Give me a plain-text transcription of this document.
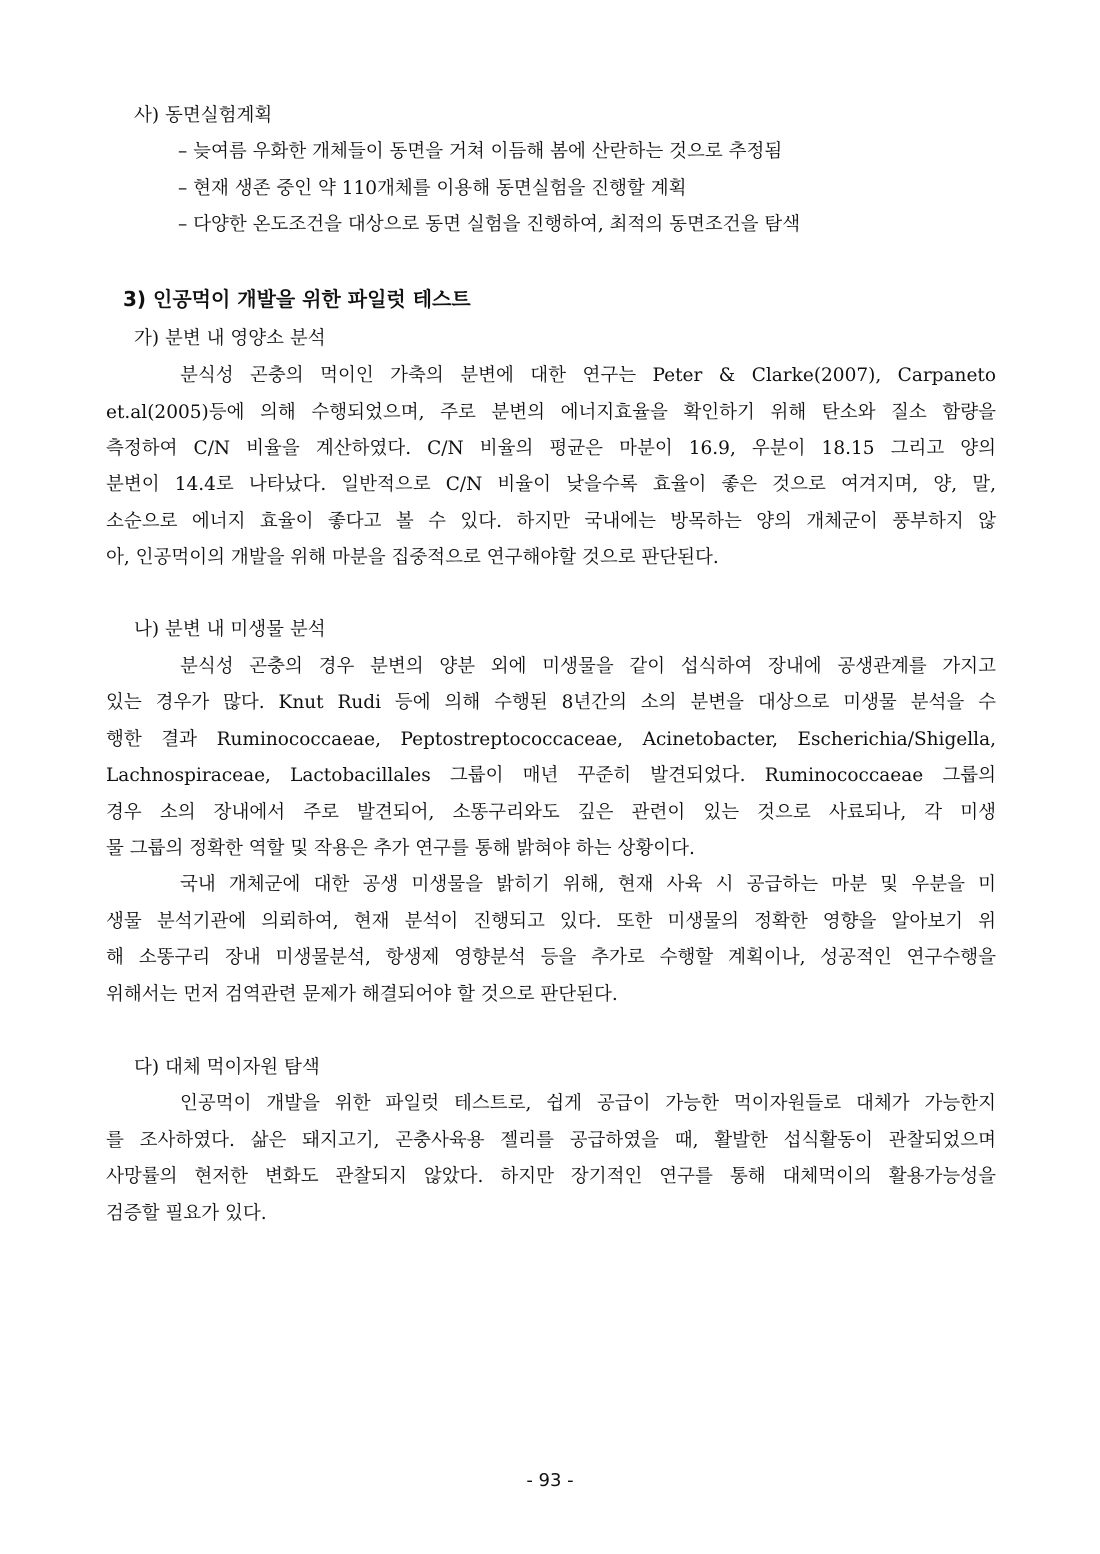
사) 동면실험계획
– 늦여름 우화한 개체들이 동면을 거쳐 이듬해 봄에 산란하는 것으로 추정됨
– 현재 생존 중인 약 110개체를 이용해 동면실험을 진행할 계획
– 다양한 온도조건을 대상으로 동면 실험을 진행하여, 최적의 동면조건을 탐색
3) 인공먹이 개발을 위한 파일럿 테스트
가) 분변 내 영양소 분석
분식성 곤충의 먹이인 가축의 분변에 대한 연구는 Peter & Clarke(2007), Carpaneto
et.al(2005)등에 의해 수행되었으며, 주로 분변의 에너지효율을 확인하기 위해 탄소와 질소 함량을
측정하여 C/N 비율을 계산하였다. C/N 비율의 평균은 마분이 16.9, 우분이 18.15 그리고 양의
분변이 14.4로 나타났다. 일반적으로 C/N 비율이 낮을수록 효율이 좋은 것으로 여겨지며, 양, 말,
소순으로 에너지 효율이 좋다고 볼 수 있다. 하지만 국내에는 방목하는 양의 개체군이 풍부하지 않
아, 인공먹이의 개발을 위해 마분을 집중적으로 연구해야할 것으로 판단된다.
나) 분변 내 미생물 분석
분식성 곤충의 경우 분변의 양분 외에 미생물을 같이 섭식하여 장내에 공생관계를 가지고
있는 경우가 많다. Knut Rudi 등에 의해 수행된 8년간의 소의 분변을 대상으로 미생물 분석을 수
행한 결과 Ruminococcaeae, Peptostreptococcaceae, Acinetobacter, Escherichia/Shigella,
Lachnospiraceae, Lactobacillales 그룹이 매년 꾸준히 발견되었다. Ruminococcaeae 그룹의
경우 소의 장내에서 주로 발견되어, 소똥구리와도 깊은 관련이 있는 것으로 사료되나, 각 미생
물 그룹의 정확한 역할 및 작용은 추가 연구를 통해 밝혀야 하는 상황이다.
국내 개체군에 대한 공생 미생물을 밝히기 위해, 현재 사육 시 공급하는 마분 및 우분을 미
생물 분석기관에 의뢰하여, 현재 분석이 진행되고 있다. 또한 미생물의 정확한 영향을 알아보기 위
해 소똥구리 장내 미생물분석, 항생제 영향분석 등을 추가로 수행할 계획이나, 성공적인 연구수행을
위해서는 먼저 검역관련 문제가 해결되어야 할 것으로 판단된다.
다) 대체 먹이자원 탐색
인공먹이 개발을 위한 파일럿 테스트로, 쉽게 공급이 가능한 먹이자원들로 대체가 가능한지
를 조사하였다. 삶은 돼지고기, 곤충사육용 젤리를 공급하였을 때, 활발한 섭식활동이 관찰되었으며
사망률의 현저한 변화도 관찰되지 않았다. 하지만 장기적인 연구를 통해 대체먹이의 활용가능성을
검증할 필요가 있다.
- 93 -
